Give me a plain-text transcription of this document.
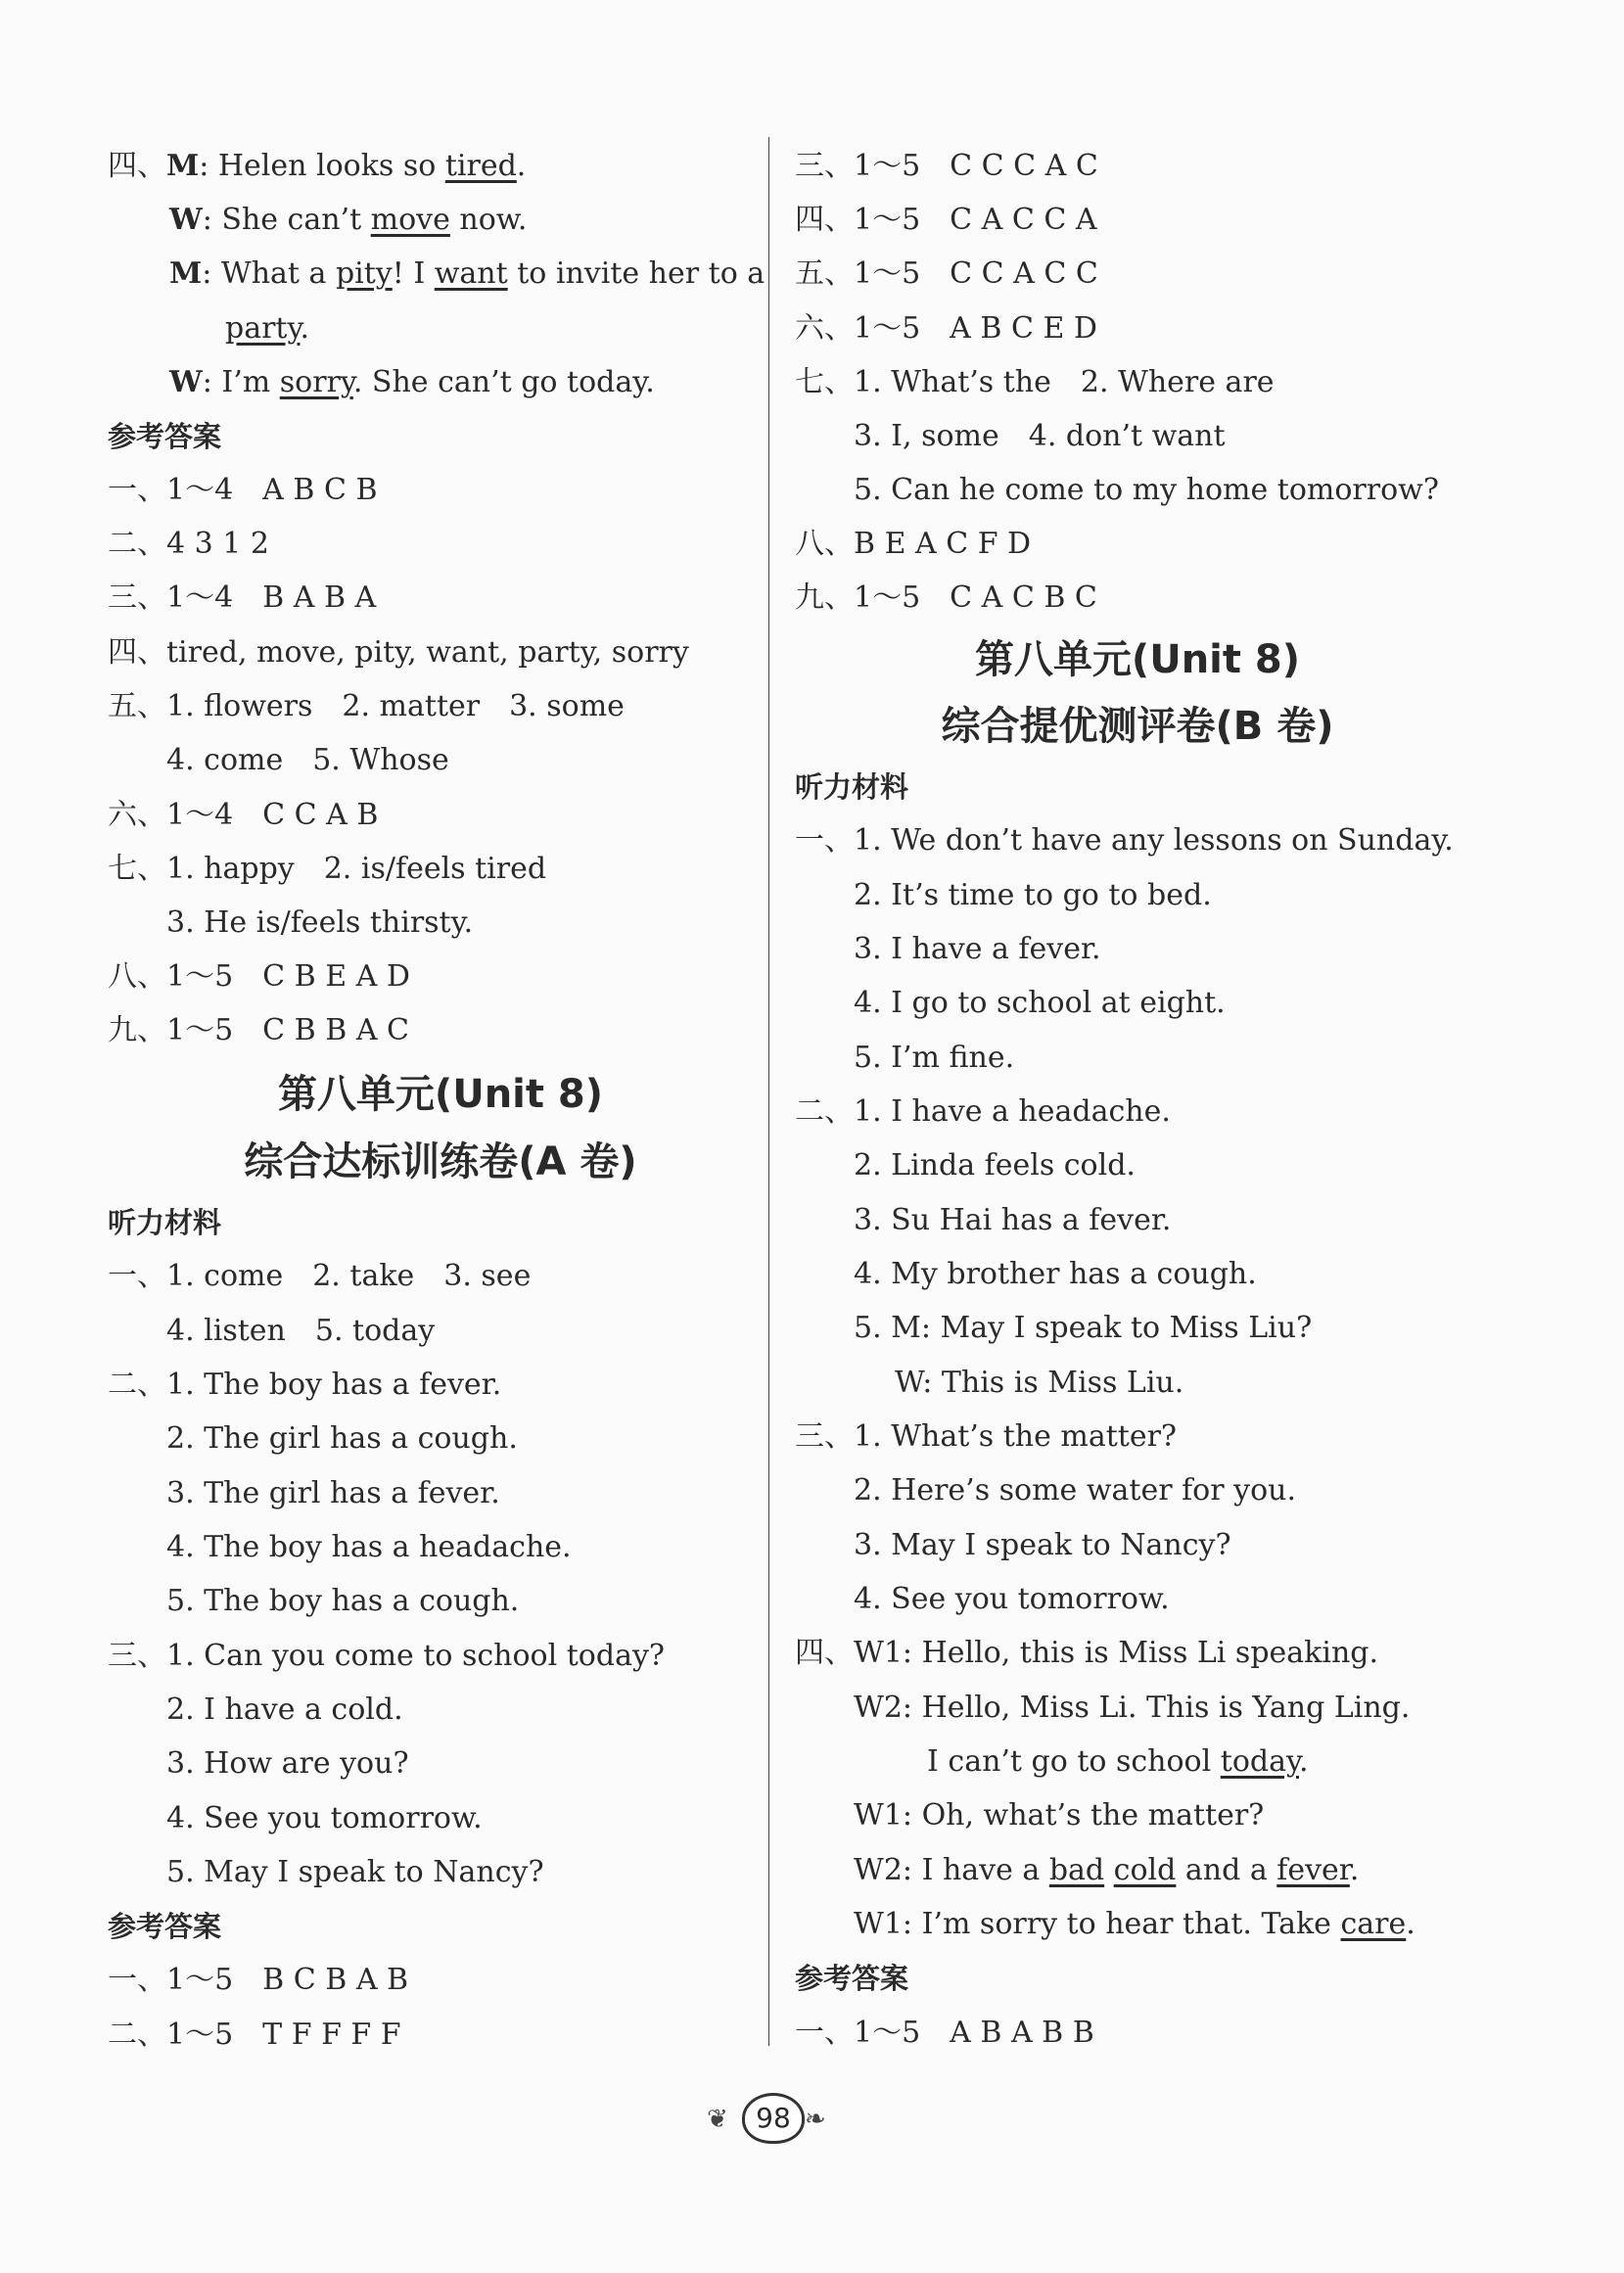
四、M: Helen looks so tired.
W: She can’t move now.
M: What a pity! I want to invite her to a
party.
W: I’m sorry. She can’t go today.
参考答案
一、1～4　A B C B
二、4 3 1 2
三、1～4　B A B A
四、tired, move, pity, want, party, sorry
五、1. flowers　2. matter　3. some
　　4. come　5. Whose
六、1～4　C C A B
七、1. happy　2. is/feels tired
　　3. He is/feels thirsty.
八、1～5　C B E A D
九、1～5　C B B A C
第八单元(Unit 8)
综合达标训练卷(A 卷)
听力材料
一、1. come　2. take　3. see
　　4. listen　5. today
二、1. The boy has a fever.
　　2. The girl has a cough.
　　3. The girl has a fever.
　　4. The boy has a headache.
　　5. The boy has a cough.
三、1. Can you come to school today?
　　2. I have a cold.
　　3. How are you?
　　4. See you tomorrow.
　　5. May I speak to Nancy?
参考答案
一、1～5　B C B A B
二、1～5　T F F F F
三、1～5　C C C A C
四、1～5　C A C C A
五、1～5　C C A C C
六、1～5　A B C E D
七、1. What’s the　2. Where are
　　3. I, some　4. don’t want
　　5. Can he come to my home tomorrow?
八、B E A C F D
九、1～5　C A C B C
第八单元(Unit 8)
综合提优测评卷(B 卷)
听力材料
一、1. We don’t have any lessons on Sunday.
　　2. It’s time to go to bed.
　　3. I have a fever.
　　4. I go to school at eight.
　　5. I’m fine.
二、1. I have a headache.
　　2. Linda feels cold.
　　3. Su Hai has a fever.
　　4. My brother has a cough.
5. M: May I speak to Miss Liu?
W: This is Miss Liu.
三、1. What’s the matter?
　　2. Here’s some water for you.
　　3. May I speak to Nancy?
　　4. See you tomorrow.
四、W1: Hello, this is Miss Li speaking.
W2: Hello, Miss Li. This is Yang Ling.
I can’t go to school today.
W1: Oh, what’s the matter?
W2: I have a bad cold and a fever.
W1: I’m sorry to hear that. Take care.
参考答案
一、1～5　A B A B B
❦	98 ❧
